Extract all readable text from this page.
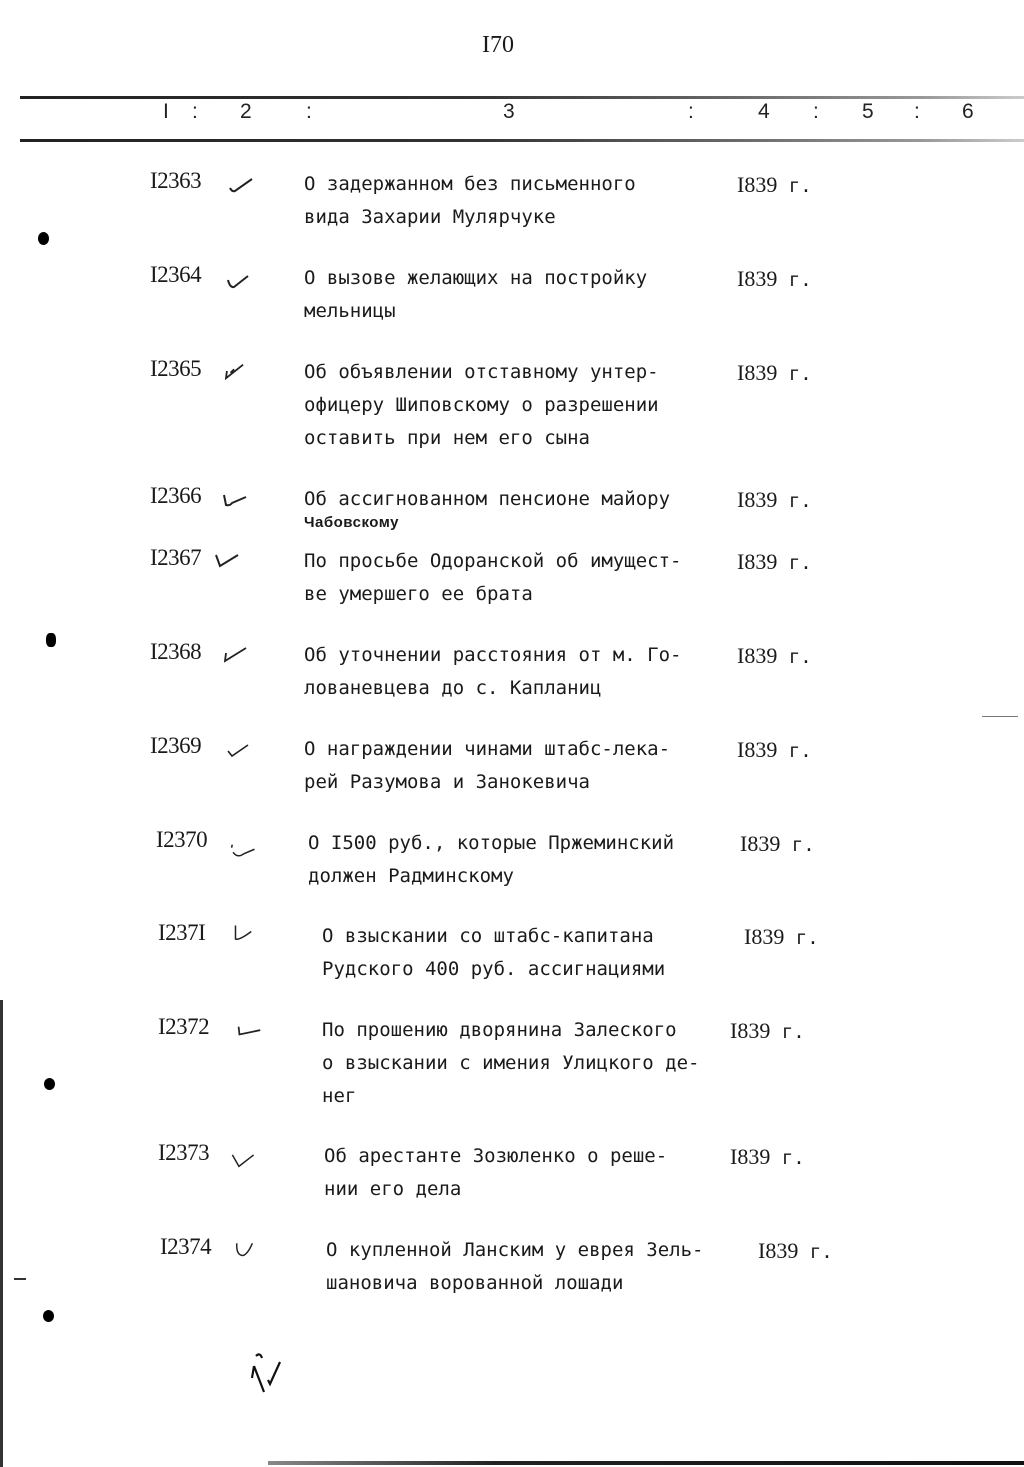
I70
I : 2	:	3	:	4 : 5 : 6
I2363	О задержанном без письменного
вида Захарии Мулярчуке
I839 г.
I2364	О вызове желающих на постройку
мельницы
I839 г.
I2365	Об объявлении отставному унтер-
офицеру Шиповскому о разрешении
оставить при нем его сына
I839 г.
I2366	Об ассигнованном пенсионе майору

Чабовскому
I839 г.
I2367	По просьбе Одоранской об имущест-
ве умершего ее брата
I839 г.
I2368	Об уточнении расстояния от м. Го-
лованевцева до с. Капланиц
I839 г.
I2369	О награждении чинами штабс-лека-
рей Разумова и Занокевича
I839 г.
I2370	О I500 руб., которые Пржеминский
должен Радминскому
I839 г.
I237I	О взыскании со штабс-капитана
Рудского 400 руб. ассигнациями
I839 г.
I2372	По прошению дворянина Залеского
о взыскании с имения Улицкого де-
нег
I839 г.
I2373	Об арестанте Зозюленко о реше-
нии его дела
I839 г.
I2374	О купленной Ланским у еврея Зель-
шановича ворованной лошади
I839 г.
